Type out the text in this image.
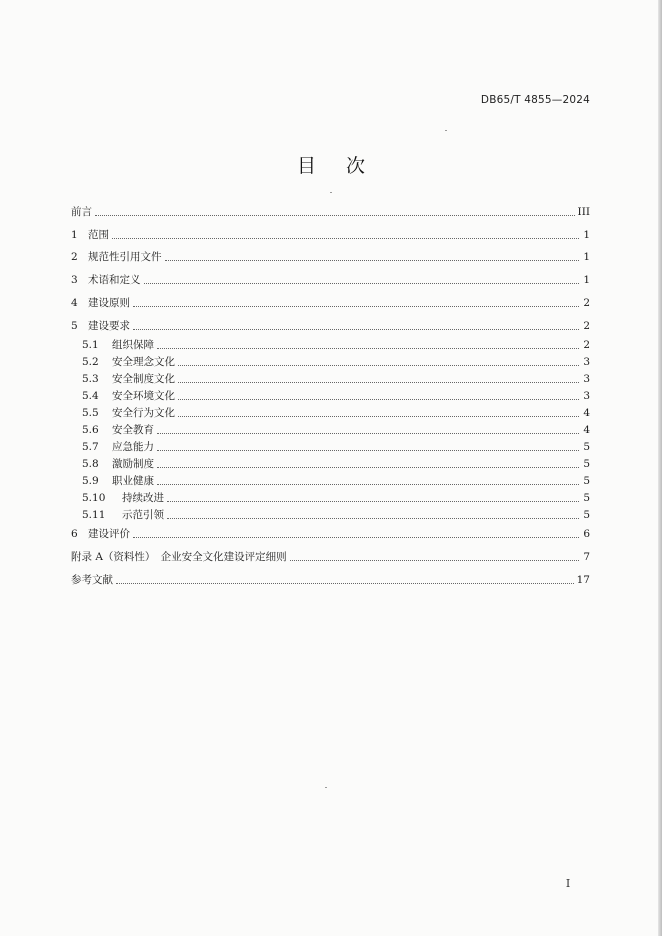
DB65/T 4855—2024
目次
前言	III
1 范围	1
2 规范性引用文件	1
3 术语和定义	1
4 建设原则	2
5 建设要求	2
5.1	组织保障	2
5.2	安全理念文化	3
5.3	安全制度文化	3
5.4	安全环境文化	3
5.5	安全行为文化	4
5.6	安全教育	4
5.7	应急能力	5
5.8	激励制度	5
5.9	职业健康	5
5.10	持续改进	5
5.11	示范引领	5
6 建设评价	6
附录 A（资料性）　企业安全文化建设评定细则	7
参考文献	17
I
